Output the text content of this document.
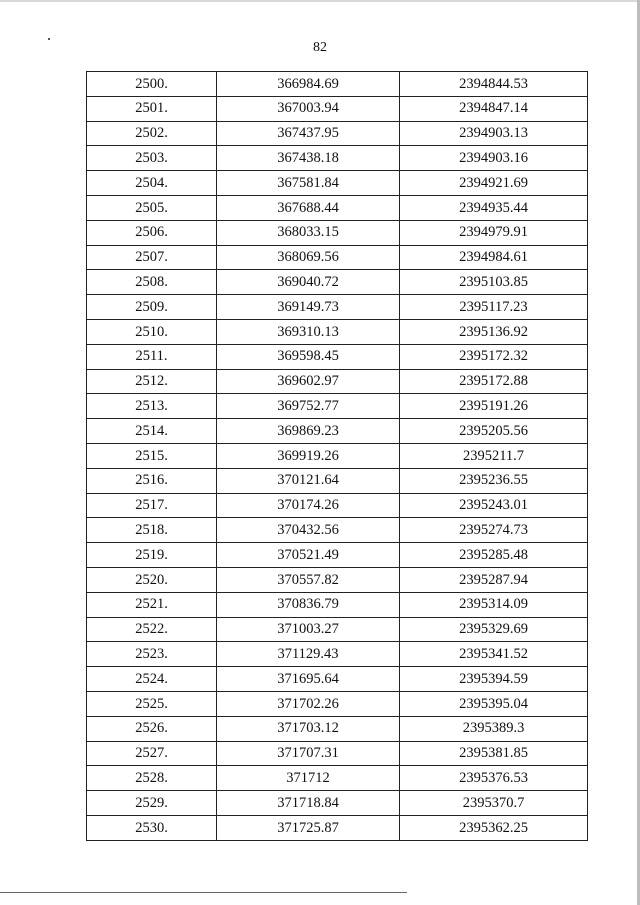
82
2500.	366984.69	2394844.53
2501.	367003.94	2394847.14
2502.	367437.95	2394903.13
2503.	367438.18	2394903.16
2504.	367581.84	2394921.69
2505.	367688.44	2394935.44
2506.	368033.15	2394979.91
2507.	368069.56	2394984.61
2508.	369040.72	2395103.85
2509.	369149.73	2395117.23
2510.	369310.13	2395136.92
2511.	369598.45	2395172.32
2512.	369602.97	2395172.88
2513.	369752.77	2395191.26
2514.	369869.23	2395205.56
2515.	369919.26	2395211.7
2516.	370121.64	2395236.55
2517.	370174.26	2395243.01
2518.	370432.56	2395274.73
2519.	370521.49	2395285.48
2520.	370557.82	2395287.94
2521.	370836.79	2395314.09
2522.	371003.27	2395329.69
2523.	371129.43	2395341.52
2524.	371695.64	2395394.59
2525.	371702.26	2395395.04
2526.	371703.12	2395389.3
2527.	371707.31	2395381.85
2528.	371712	2395376.53
2529.	371718.84	2395370.7
2530.	371725.87	2395362.25
